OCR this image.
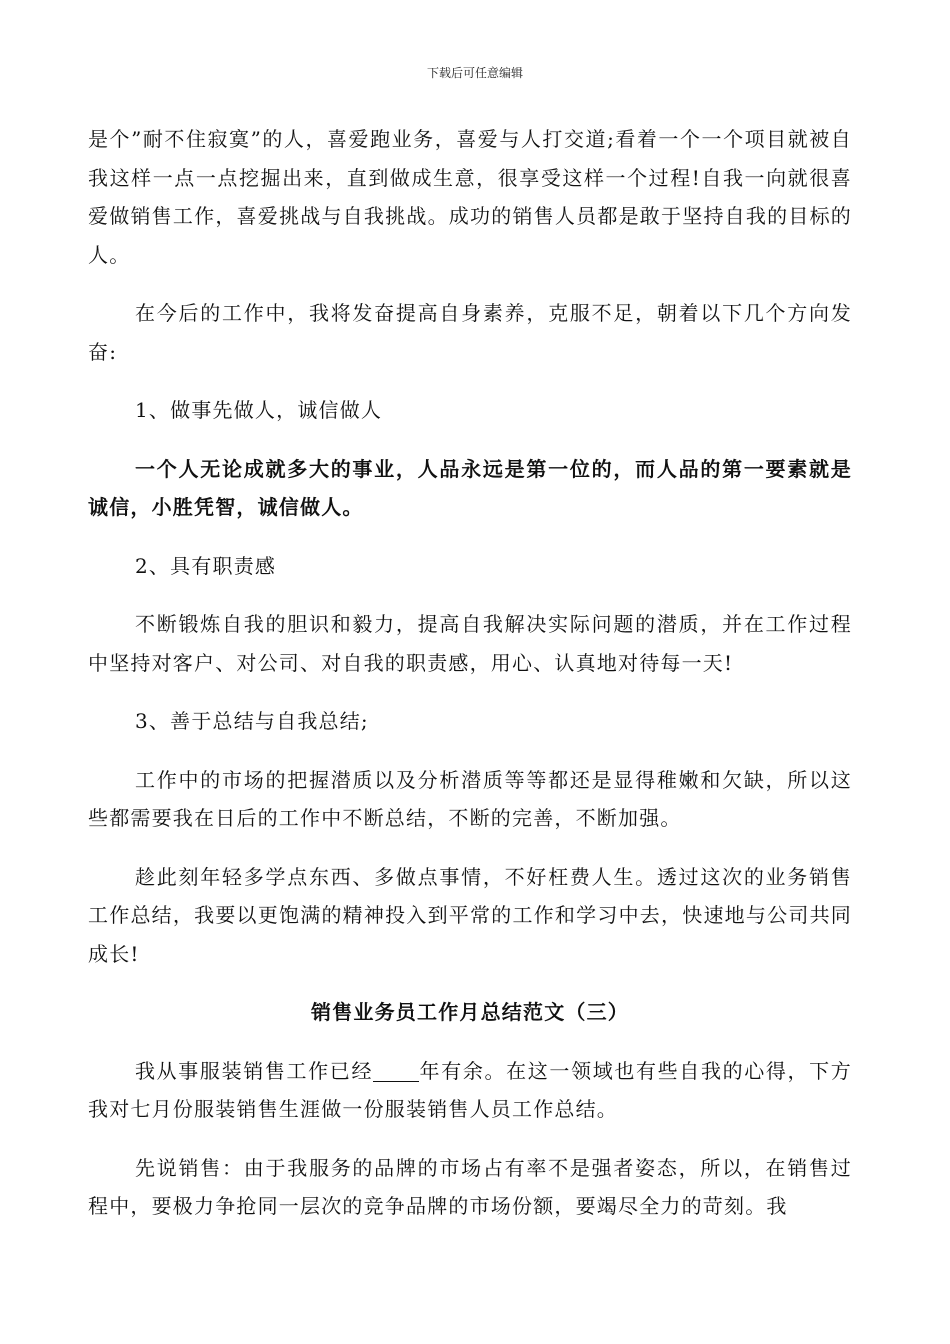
下载后可任意编辑

是个”耐不住寂寞”的人，喜爱跑业务，喜爱与人打交道;看着一个一个项目就被自我这样一点一点挖掘出来，直到做成生意，很享受这样一个过程!自我一向就很喜爱做销售工作，喜爱挑战与自我挑战。成功的销售人员都是敢于坚持自我的目标的人。

在今后的工作中，我将发奋提高自身素养，克服不足，朝着以下几个方向发奋:

1、做事先做人，诚信做人

一个人无论成就多大的事业，人品永远是第一位的，而人品的第一要素就是诚信，小胜凭智，诚信做人。

2、具有职责感

不断锻炼自我的胆识和毅力，提高自我解决实际问题的潜质，并在工作过程中坚持对客户、对公司、对自我的职责感，用心、认真地对待每一天!

3、善于总结与自我总结;

工作中的市场的把握潜质以及分析潜质等等都还是显得稚嫩和欠缺，所以这些都需要我在日后的工作中不断总结，不断的完善，不断加强。

趁此刻年轻多学点东西、多做点事情，不好枉费人生。透过这次的业务销售工作总结，我要以更饱满的精神投入到平常的工作和学习中去，快速地与公司共同成长!

销售业务员工作月总结范文（三）

我从事服装销售工作已经 年有余。在这一领域也有些自我的心得，下方我对七月份服装销售生涯做一份服装销售人员工作总结。

先说销售：由于我服务的品牌的市场占有率不是强者姿态，所以，在销售过程中，要极力争抢同一层次的竞争品牌的市场份额，要竭尽全力的苛刻。我
